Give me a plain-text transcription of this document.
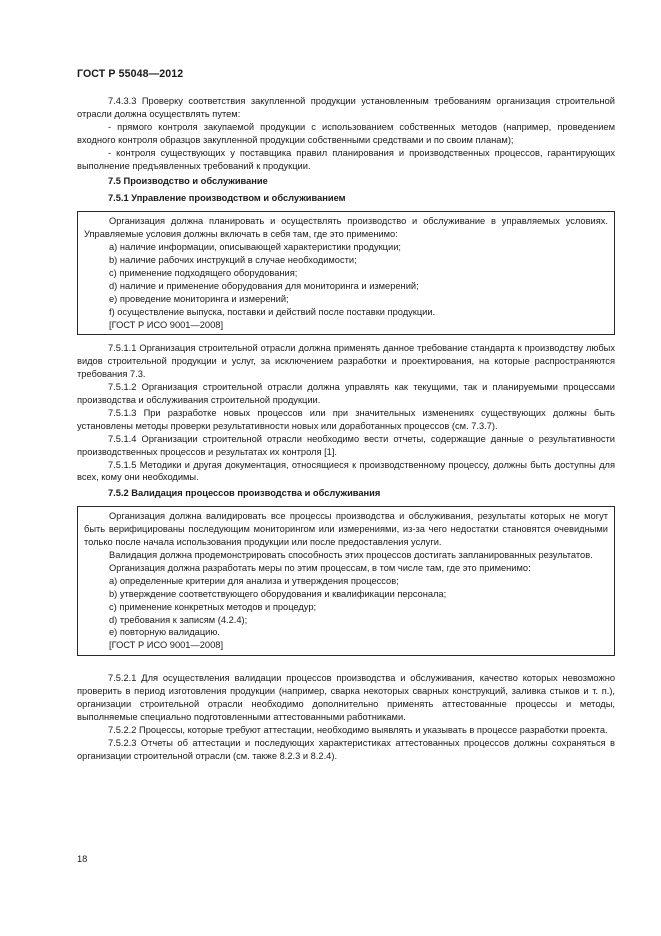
ГОСТ Р 55048—2012

7.4.3.3 Проверку соответствия закупленной продукции установленным требованиям организация строительной отрасли должна осуществлять путем:

- прямого контроля закупаемой продукции с использованием собственных методов (например, проведением входного контроля образцов закупленной продукции собственными средствами и по своим планам);

- контроля существующих у поставщика правил планирования и производственных процессов, гарантирующих выполнение предъявленных требований к продукции.

7.5 Производство и обслуживание
7.5.1 Управление производством и обслуживанием

Организация должна планировать и осуществлять производство и обслуживание в управляемых условиях. Управляемые условия должны включать в себя там, где это применимо:

a) наличие информации, описывающей характеристики продукции;

b) наличие рабочих инструкций в случае необходимости;

c) применение подходящего оборудования;

d) наличие и применение оборудования для мониторинга и измерений;

e) проведение мониторинга и измерений;

f) осуществление выпуска, поставки и действий после поставки продукции.

[ГОСТ Р ИСО 9001—2008]

7.5.1.1 Организация строительной отрасли должна применять данное требование стандарта к производству любых видов строительной продукции и услуг, за исключением разработки и проектирования, на которые распространяются требования 7.3.

7.5.1.2 Организация строительной отрасли должна управлять как текущими, так и планируемыми процессами производства и обслуживания строительной продукции.

7.5.1.3 При разработке новых процессов или при значительных изменениях существующих должны быть установлены методы проверки результативности новых или доработанных процессов (см. 7.3.7).

7.5.1.4 Организации строительной отрасли необходимо вести отчеты, содержащие данные о результативности производственных процессов и результатах их контроля [1].

7.5.1.5 Методики и другая документация, относящиеся к производственному процессу, должны быть доступны для всех, кому они необходимы.

7.5.2 Валидация процессов производства и обслуживания

Организация должна валидировать все процессы производства и обслуживания, результаты которых не могут быть верифицированы последующим мониторингом или измерениями, из-за чего недостатки становятся очевидными только после начала использования продукции или после предоставления услуги.

Валидация должна продемонстрировать способность этих процессов достигать запланированных результатов.

Организация должна разработать меры по этим процессам, в том числе там, где это применимо:

a) определенные критерии для анализа и утверждения процессов;

b) утверждение соответствующего оборудования и квалификации персонала;

c) применение конкретных методов и процедур;

d) требования к записям (4.2.4);

e) повторную валидацию.

[ГОСТ Р ИСО 9001—2008]

7.5.2.1 Для осуществления валидации процессов производства и обслуживания, качество которых невозможно проверить в период изготовления продукции (например, сварка некоторых сварных конструкций, заливка стыков и т. п.), организации строительной отрасли необходимо дополнительно применять аттестованные процессы и методы, выполняемые специально подготовленными аттестованными работниками.

7.5.2.2 Процессы, которые требуют аттестации, необходимо выявлять и указывать в процессе разработки проекта.

7.5.2.3 Отчеты об аттестации и последующих характеристиках аттестованных процессов должны сохраняться в организации строительной отрасли (см. также 8.2.3 и 8.2.4).

18
